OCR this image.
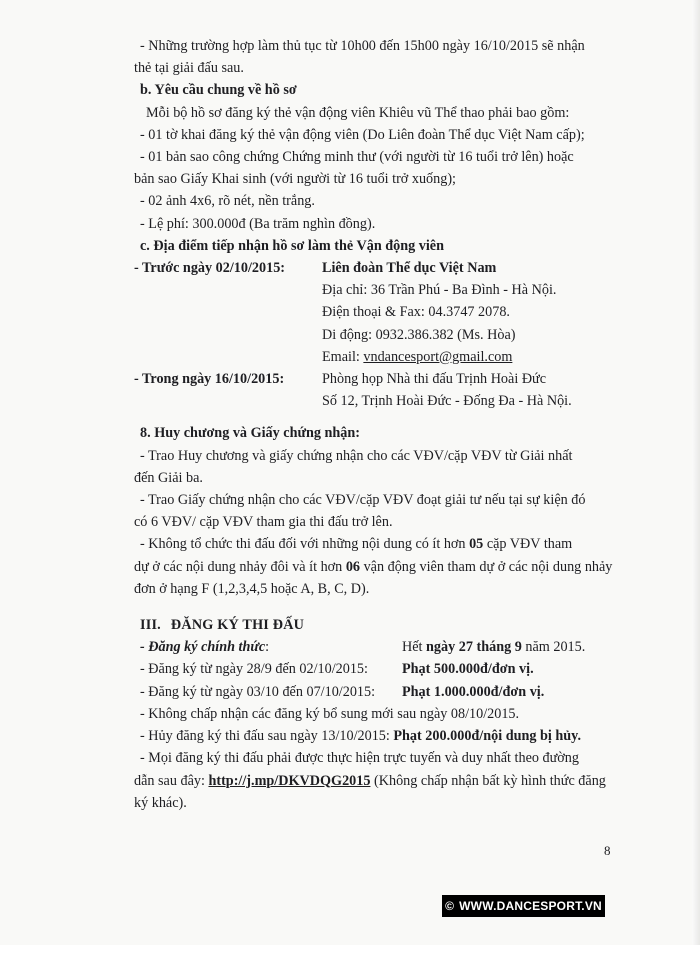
- Những trường hợp làm thủ tục từ 10h00 đến 15h00 ngày 16/10/2015 sẽ nhận

thẻ tại giải đấu sau.

b. Yêu cầu chung về hồ sơ

Mỗi bộ hồ sơ đăng ký thẻ vận động viên Khiêu vũ Thể thao phải bao gồm:

- 01 tờ khai đăng ký thẻ vận động viên (Do Liên đoàn Thể dục Việt Nam cấp);

- 01 bản sao công chứng Chứng minh thư (với người từ 16 tuổi trở lên) hoặc

bản sao Giấy Khai sinh (với người từ 16 tuổi trở xuống);

- 02 ảnh 4x6, rõ nét, nền trắng.

- Lệ phí: 300.000đ (Ba trăm nghìn đồng).

c. Địa điểm tiếp nhận hồ sơ làm thẻ Vận động viên

- Trước ngày 02/10/2015:	Liên đoàn Thể dục Việt Nam

Địa chỉ: 36 Trần Phú - Ba Đình - Hà Nội.

Điện thoại & Fax: 04.3747 2078.

Di động: 0932.386.382 (Ms. Hòa)

Email: vndancesport@gmail.com

- Trong ngày 16/10/2015:	Phòng họp Nhà thi đấu Trịnh Hoài Đức

Số 12, Trịnh Hoài Đức - Đống Đa - Hà Nội.

8. Huy chương và Giấy chứng nhận:

- Trao Huy chương và giấy chứng nhận cho các VĐV/cặp VĐV từ Giải nhất

đến Giải ba.

- Trao Giấy chứng nhận cho các VĐV/cặp VĐV đoạt giải tư nếu tại sự kiện đó

có 6 VĐV/ cặp VĐV tham gia thi đấu trở lên.

- Không tổ chức thi đấu đối với những nội dung có ít hơn 05 cặp VĐV tham

dự ở các nội dung nhảy đôi và ít hơn 06 vận động viên tham dự ở các nội dung nhảy

đơn ở hạng F (1,2,3,4,5 hoặc A, B, C, D).

III. ĐĂNG KÝ THI ĐẤU

- Đăng ký chính thức:	Hết ngày 27 tháng 9 năm 2015.
- Đăng ký từ ngày 28/9 đến 02/10/2015:	Phạt 500.000đ/đơn vị.
- Đăng ký từ ngày 03/10 đến 07/10/2015:	Phạt 1.000.000đ/đơn vị.

- Không chấp nhận các đăng ký bổ sung mới sau ngày 08/10/2015.

- Hủy đăng ký thi đấu sau ngày 13/10/2015: Phạt 200.000đ/nội dung bị hủy.

- Mọi đăng ký thi đấu phải được thực hiện trực tuyến và duy nhất theo đường

dẫn sau đây: http://j.mp/DKVDQG2015 (Không chấp nhận bất kỳ hình thức đăng

ký khác).

8
© WWW.DANCESPORT.VN
